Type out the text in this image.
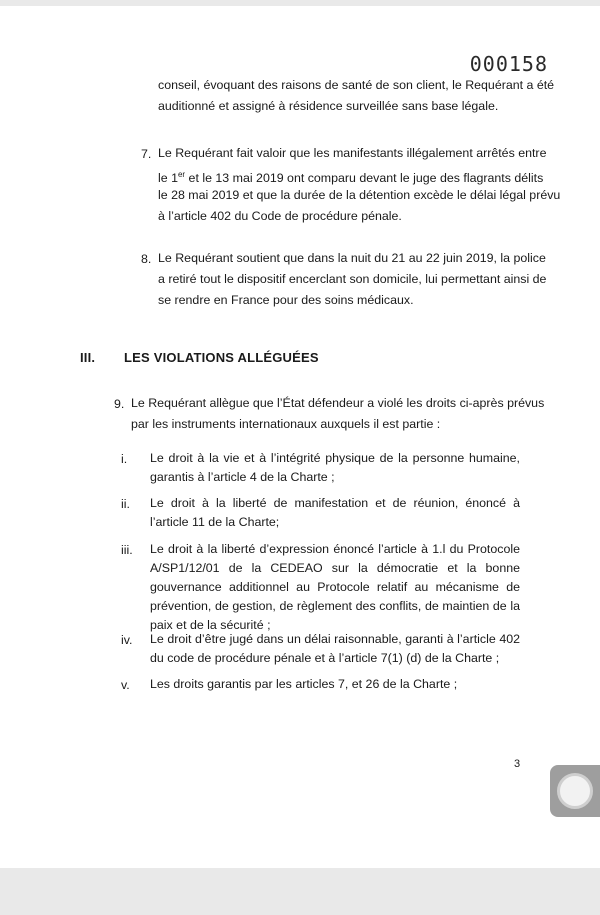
000158
conseil, évoquant des raisons de santé de son client, le Requérant a été
auditionné et assigné à résidence surveillée sans base légale.
7. Le Requérant fait valoir que les manifestants illégalement arrêtés entre
le 1er et le 13 mai 2019 ont comparu devant le juge des flagrants délits
le 28 mai 2019 et que la durée de la détention excède le délai légal prévu
à l’article 402 du Code de procédure pénale.
8. Le Requérant soutient que dans la nuit du 21 au 22 juin 2019, la police
a retiré tout le dispositif encerclant son domicile, lui permettant ainsi de
se rendre en France pour des soins médicaux.
III. LES VIOLATIONS ALLÉGUÉES
9. Le Requérant allègue que l’État défendeur a violé les droits ci-après prévus
par les instruments internationaux auxquels il est partie :
i. Le droit à la vie et à l’intégrité physique de la personne humaine, garantis à l’article 4 de la Charte ;
ii. Le droit à la liberté de manifestation et de réunion, énoncé à l’article 11 de la Charte;
iii. Le droit à la liberté d’expression énoncé l’article à 1.l du Protocole A/SP1/12/01 de la CEDEAO sur la démocratie et la bonne gouvernance additionnel au Protocole relatif au mécanisme de prévention, de gestion, de règlement des conflits, de maintien de la paix et de la sécurité ;
iv. Le droit d’être jugé dans un délai raisonnable, garanti à l’article 402 du code de procédure pénale et à l’article 7(1) (d) de la Charte ;
v. Les droits garantis par les articles 7, et 26 de la Charte ;
3
